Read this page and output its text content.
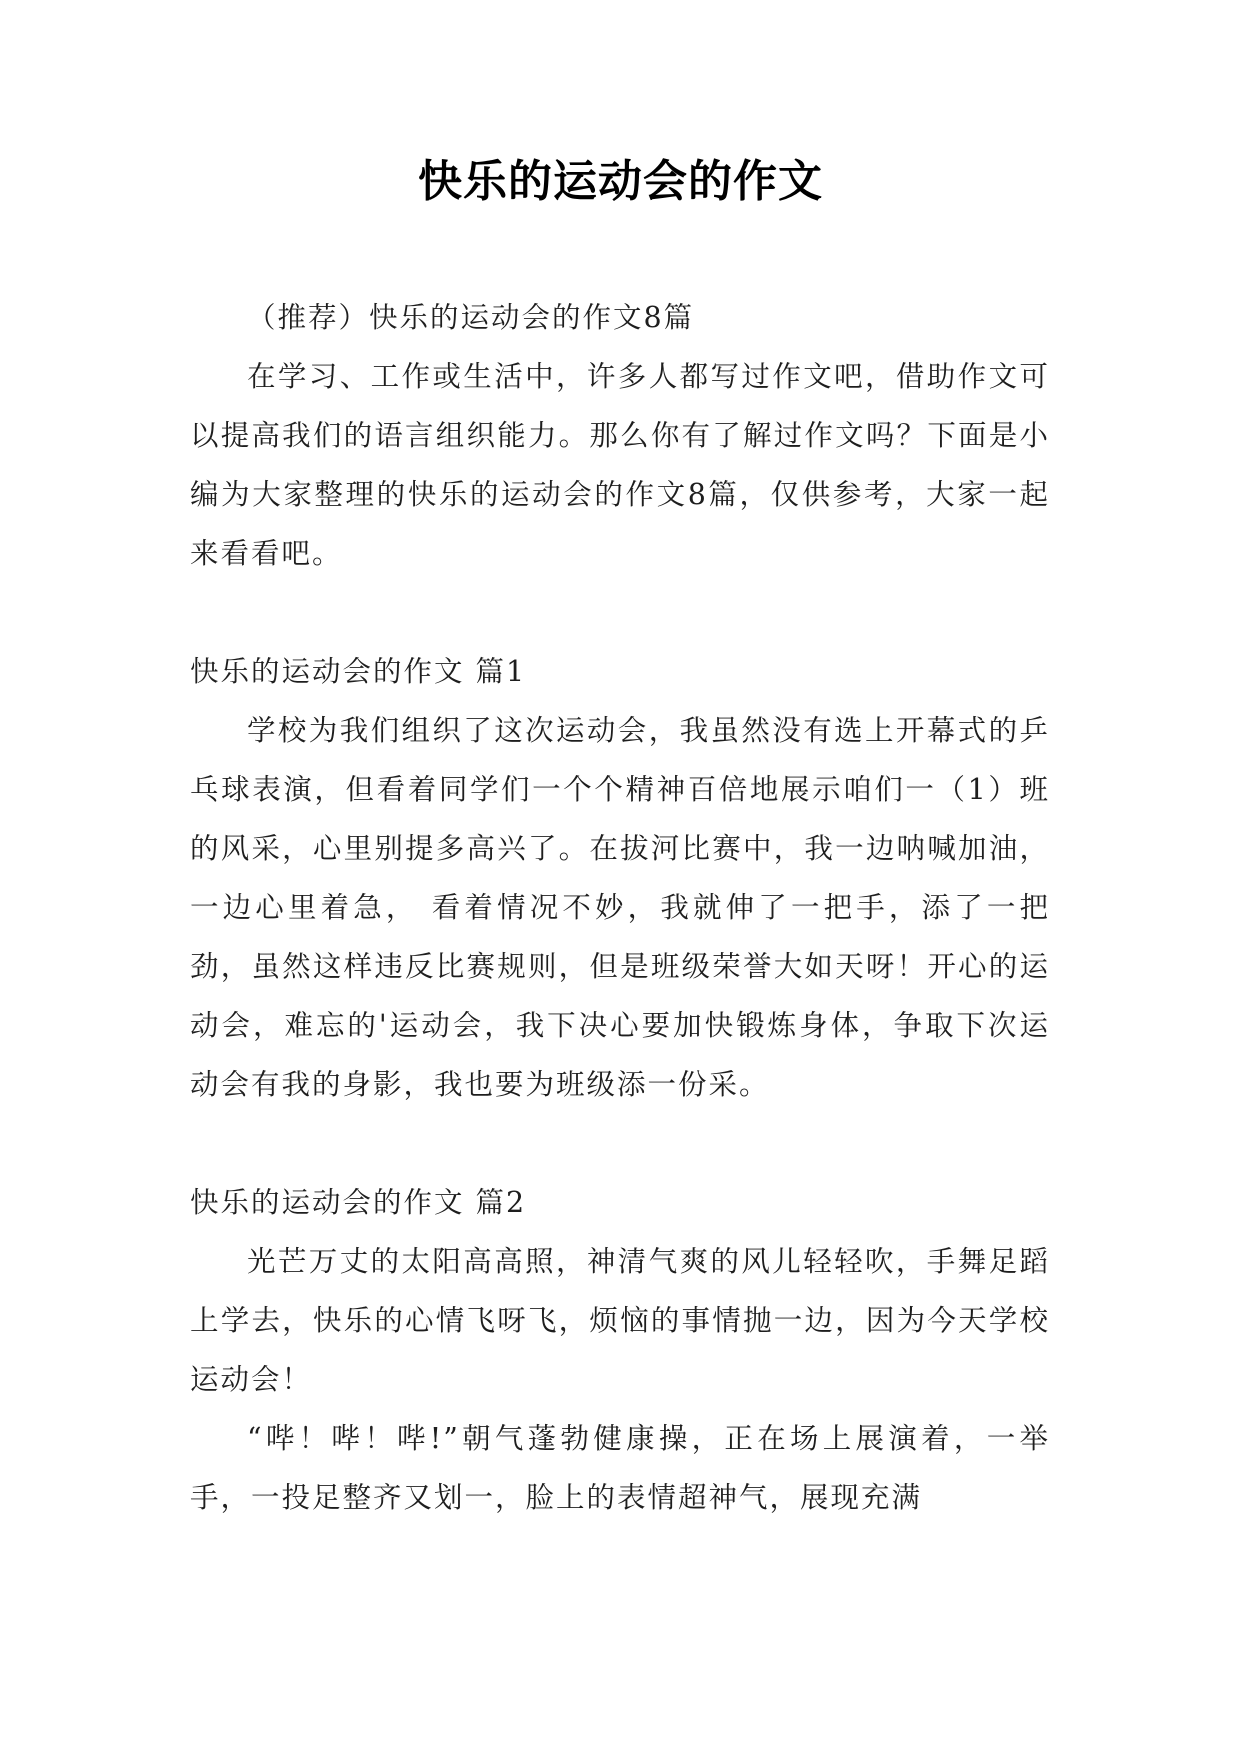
快乐的运动会的作文

（推荐）快乐的运动会的作文8篇

在学习、工作或生活中，许多人都写过作文吧，借助作文可以提高我们的语言组织能力。那么你有了解过作文吗？下面是小编为大家整理的快乐的运动会的作文8篇，仅供参考，大家一起来看看吧。

快乐的运动会的作文 篇1

学校为我们组织了这次运动会，我虽然没有选上开幕式的乒乓球表演，但看着同学们一个个精神百倍地展示咱们一（1）班的风采，心里别提多高兴了。在拔河比赛中，我一边呐喊加油，一边心里着急， 看着情况不妙，我就伸了一把手，添了一把劲，虽然这样违反比赛规则，但是班级荣誉大如天呀！开心的运动会，难忘的'运动会，我下决心要加快锻炼身体，争取下次运动会有我的身影，我也要为班级添一份采。

快乐的运动会的作文 篇2

光芒万丈的太阳高高照，神清气爽的风儿轻轻吹，手舞足蹈上学去，快乐的心情飞呀飞，烦恼的事情抛一边，因为今天学校运动会！

“哔！哔！哔!”朝气蓬勃健康操，正在场上展演着，一举手，一投足整齐又划一，脸上的表情超神气，展现充满
